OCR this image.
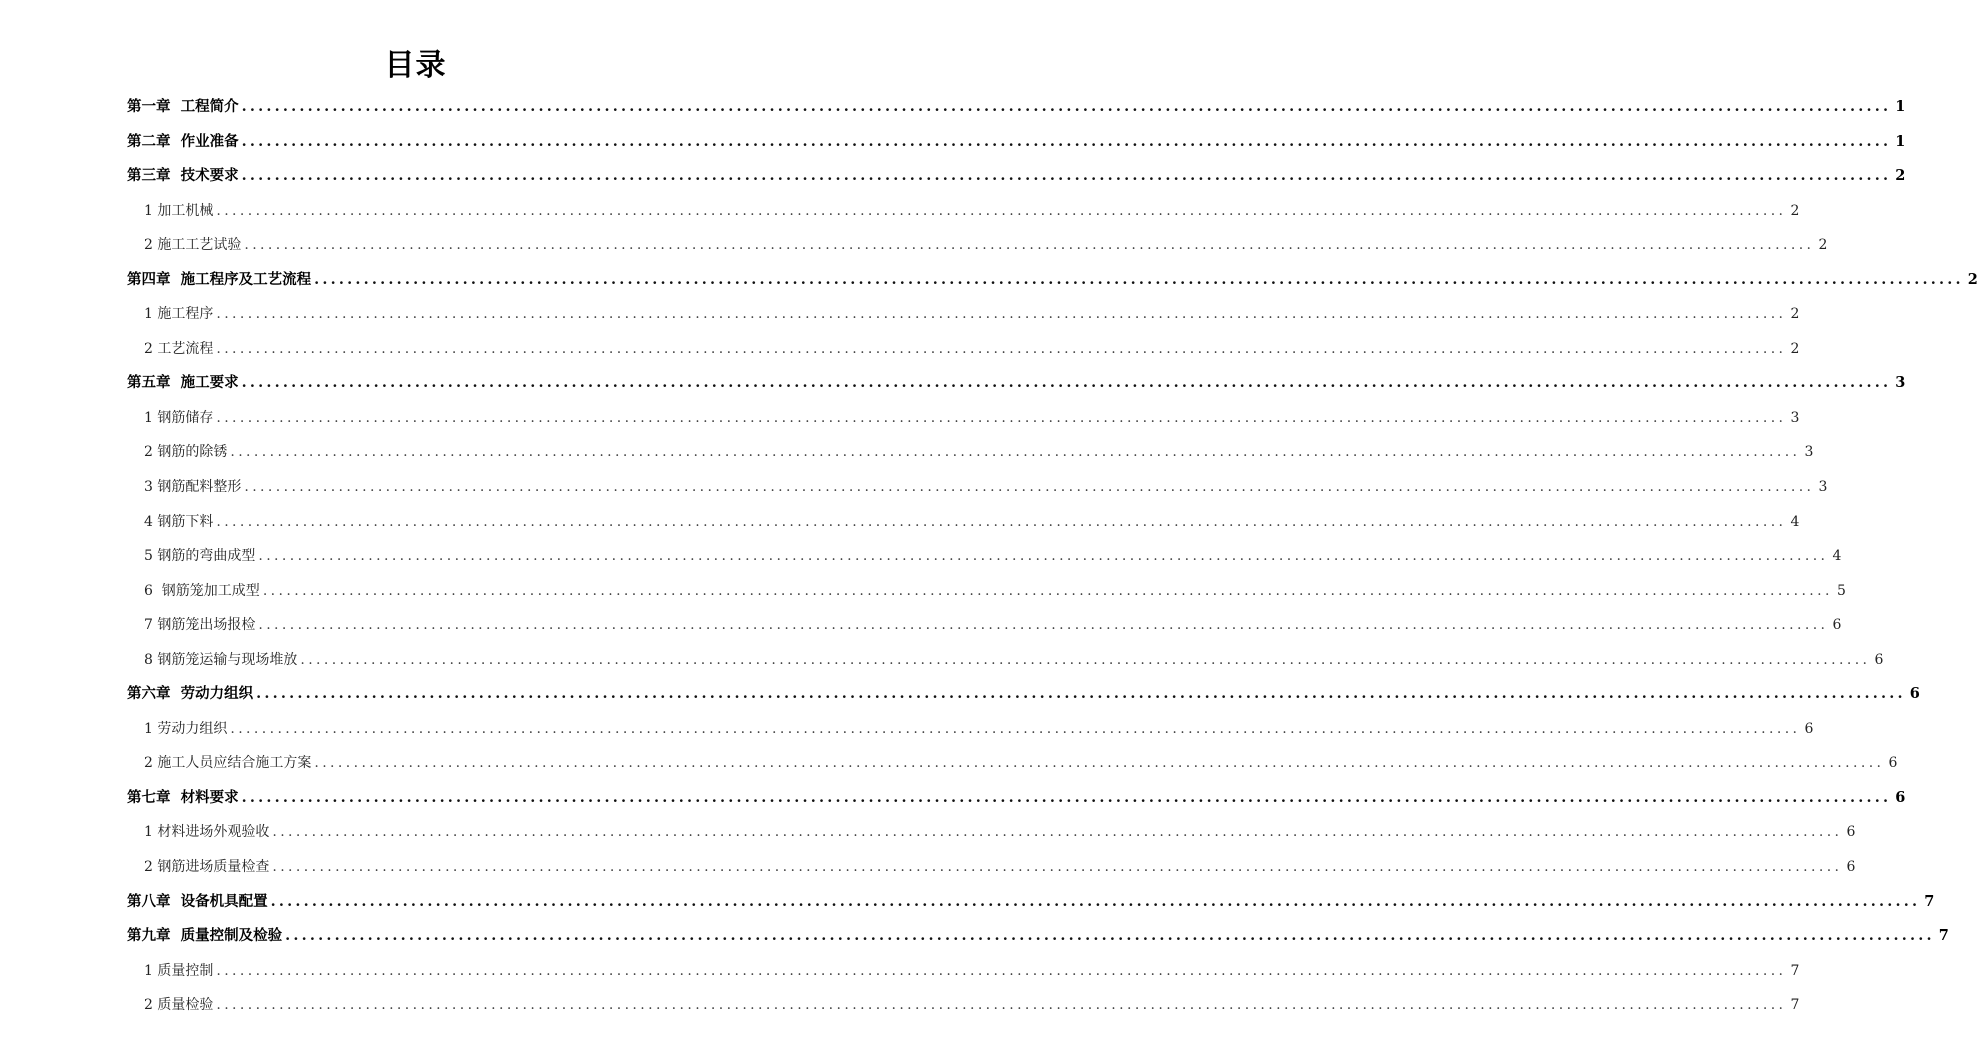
目录
第一章  工程简介 ........................................................................................................................................................................................................ 1
第二章  作业准备 ........................................................................................................................................................................................................ 1
第三章  技术要求 ........................................................................................................................................................................................................ 2
1 加工机械 ........................................................................................................................................................................................................ 2
2 施工工艺试验 ........................................................................................................................................................................................................ 2
第四章  施工程序及工艺流程 ........................................................................................................................................................................................................ 2
1 施工程序 ........................................................................................................................................................................................................ 2
2 工艺流程 ........................................................................................................................................................................................................ 2
第五章  施工要求 ........................................................................................................................................................................................................ 3
1 钢筋储存 ........................................................................................................................................................................................................ 3
2 钢筋的除锈 ........................................................................................................................................................................................................ 3
3 钢筋配料整形 ........................................................................................................................................................................................................ 3
4 钢筋下料 ........................................................................................................................................................................................................ 4
5 钢筋的弯曲成型 ........................................................................................................................................................................................................ 4
6  钢筋笼加工成型 ........................................................................................................................................................................................................ 5
7 钢筋笼出场报检 ........................................................................................................................................................................................................ 6
8 钢筋笼运输与现场堆放 ........................................................................................................................................................................................................ 6
第六章  劳动力组织 ........................................................................................................................................................................................................ 6
1 劳动力组织 ........................................................................................................................................................................................................ 6
2 施工人员应结合施工方案 ........................................................................................................................................................................................................ 6
第七章  材料要求 ........................................................................................................................................................................................................ 6
1 材料进场外观验收 ........................................................................................................................................................................................................ 6
2 钢筋进场质量检查 ........................................................................................................................................................................................................ 6
第八章  设备机具配置 ........................................................................................................................................................................................................ 7
第九章  质量控制及检验 ........................................................................................................................................................................................................ 7
1 质量控制 ........................................................................................................................................................................................................ 7
2 质量检验 ........................................................................................................................................................................................................ 7
